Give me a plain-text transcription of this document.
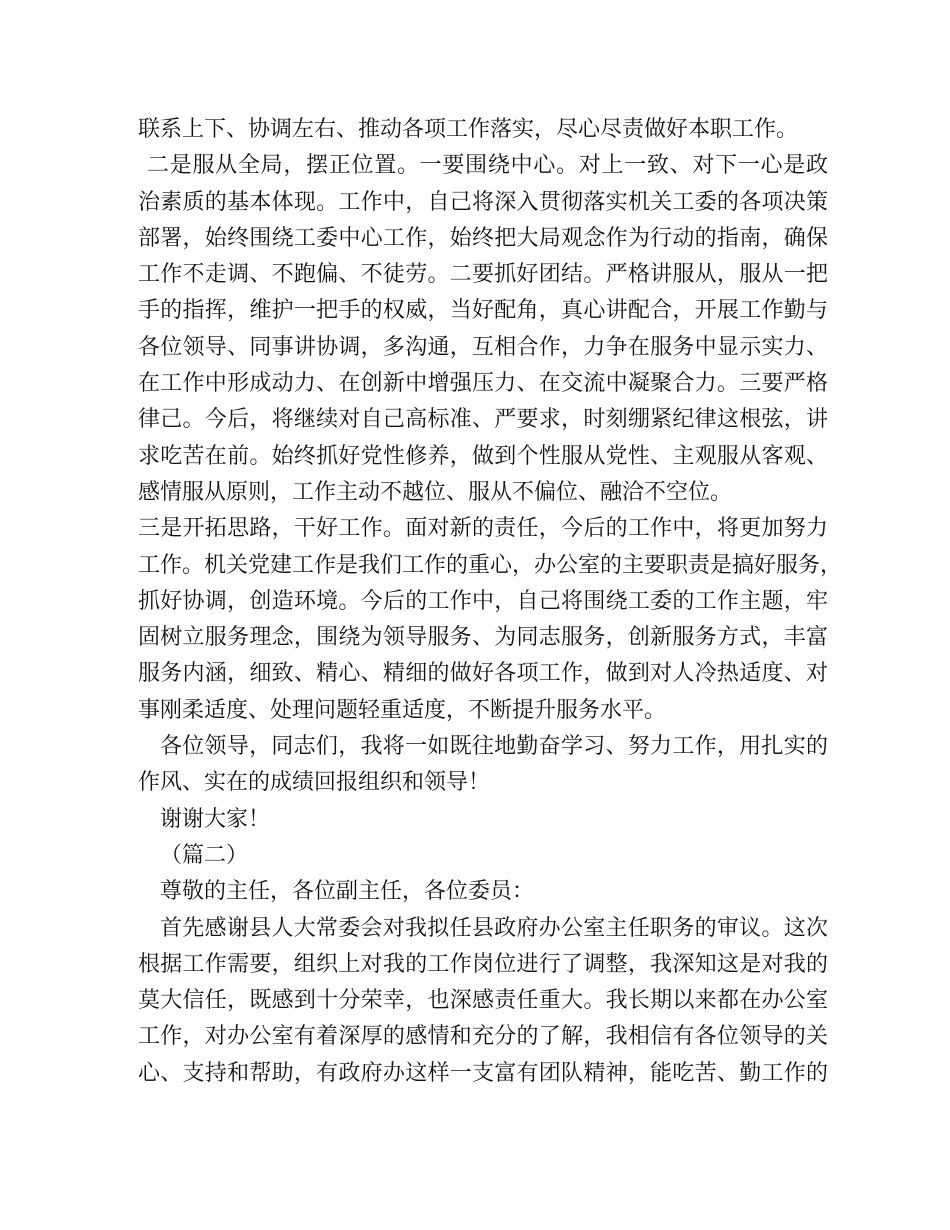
联系上下、协调左右、推动各项工作落实，尽心尽责做好本职工作。
二是服从全局，摆正位置。一要围绕中心。对上一致、对下一心是政
治素质的基本体现。工作中，自己将深入贯彻落实机关工委的各项决策
部署，始终围绕工委中心工作，始终把大局观念作为行动的指南，确保
工作不走调、不跑偏、不徒劳。二要抓好团结。严格讲服从，服从一把
手的指挥，维护一把手的权威，当好配角，真心讲配合，开展工作勤与
各位领导、同事讲协调，多沟通，互相合作，力争在服务中显示实力、
在工作中形成动力、在创新中增强压力、在交流中凝聚合力。三要严格
律己。今后，将继续对自己高标准、严要求，时刻绷紧纪律这根弦，讲
求吃苦在前。始终抓好党性修养，做到个性服从党性、主观服从客观、
感情服从原则，工作主动不越位、服从不偏位、融洽不空位。
三是开拓思路，干好工作。面对新的责任，今后的工作中，将更加努力
工作。机关党建工作是我们工作的重心，办公室的主要职责是搞好服务，
抓好协调，创造环境。今后的工作中，自己将围绕工委的工作主题，牢
固树立服务理念，围绕为领导服务、为同志服务，创新服务方式，丰富
服务内涵，细致、精心、精细的做好各项工作，做到对人冷热适度、对
事刚柔适度、处理问题轻重适度，不断提升服务水平。
各位领导，同志们，我将一如既往地勤奋学习、努力工作，用扎实的
作风、实在的成绩回报组织和领导！
谢谢大家！
（篇二）
尊敬的主任，各位副主任，各位委员：
首先感谢县人大常委会对我拟任县政府办公室主任职务的审议。这次
根据工作需要，组织上对我的工作岗位进行了调整，我深知这是对我的
莫大信任，既感到十分荣幸，也深感责任重大。我长期以来都在办公室
工作，对办公室有着深厚的感情和充分的了解，我相信有各位领导的关
心、支持和帮助，有政府办这样一支富有团队精神，能吃苦、勤工作的
